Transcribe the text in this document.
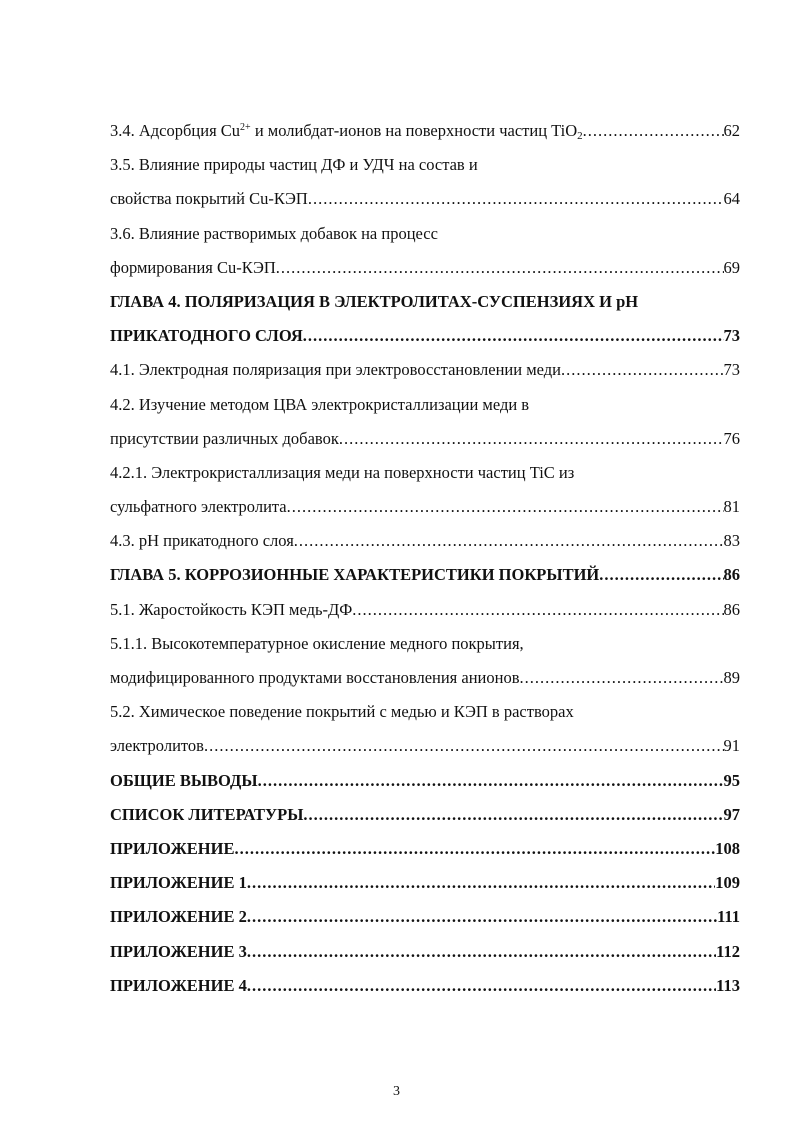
3.4. Адсорбция $Cu^{2+}$ и молибдат-ионов на поверхности частиц TiO$_2$ .....	62
3.5. Влияние природы частиц ДФ и УДЧ на состав и
свойства покрытий Cu-КЭП .....	64
3.6. Влияние растворимых добавок на процесс
формирования Cu-КЭП .....	69
ГЛАВА 4. ПОЛЯРИЗАЦИЯ В ЭЛЕКТРОЛИТАХ-СУСПЕНЗИЯХ И pH
ПРИКАТОДНОГО СЛОЯ .....	73
4.1. Электродная поляризация при электровосстановлении меди .....	73
4.2. Изучение методом ЦВА электрокристаллизации меди в
присутствии различных добавок .....	76
4.2.1. Электрокристаллизация меди на поверхности частиц TiC из
сульфатного электролита .....	81
4.3. pH прикатодного слоя .....	83
ГЛАВА 5. КОРРОЗИОННЫЕ ХАРАКТЕРИСТИКИ ПОКРЫТИЙ .....	86
5.1. Жаростойкость КЭП медь-ДФ .....	86
5.1.1. Высокотемпературное окисление медного покрытия,
модифицированного продуктами восстановления анионов .....	89
5.2. Химическое поведение покрытий с медью и КЭП в растворах
электролитов .....	91
ОБЩИЕ ВЫВОДЫ .....	95
СПИСОК ЛИТЕРАТУРЫ .....	97
ПРИЛОЖЕНИЕ .....	108
ПРИЛОЖЕНИЕ 1 .....	109
ПРИЛОЖЕНИЕ 2 .....	111
ПРИЛОЖЕНИЕ 3 .....	112
ПРИЛОЖЕНИЕ 4 .....	113
3
